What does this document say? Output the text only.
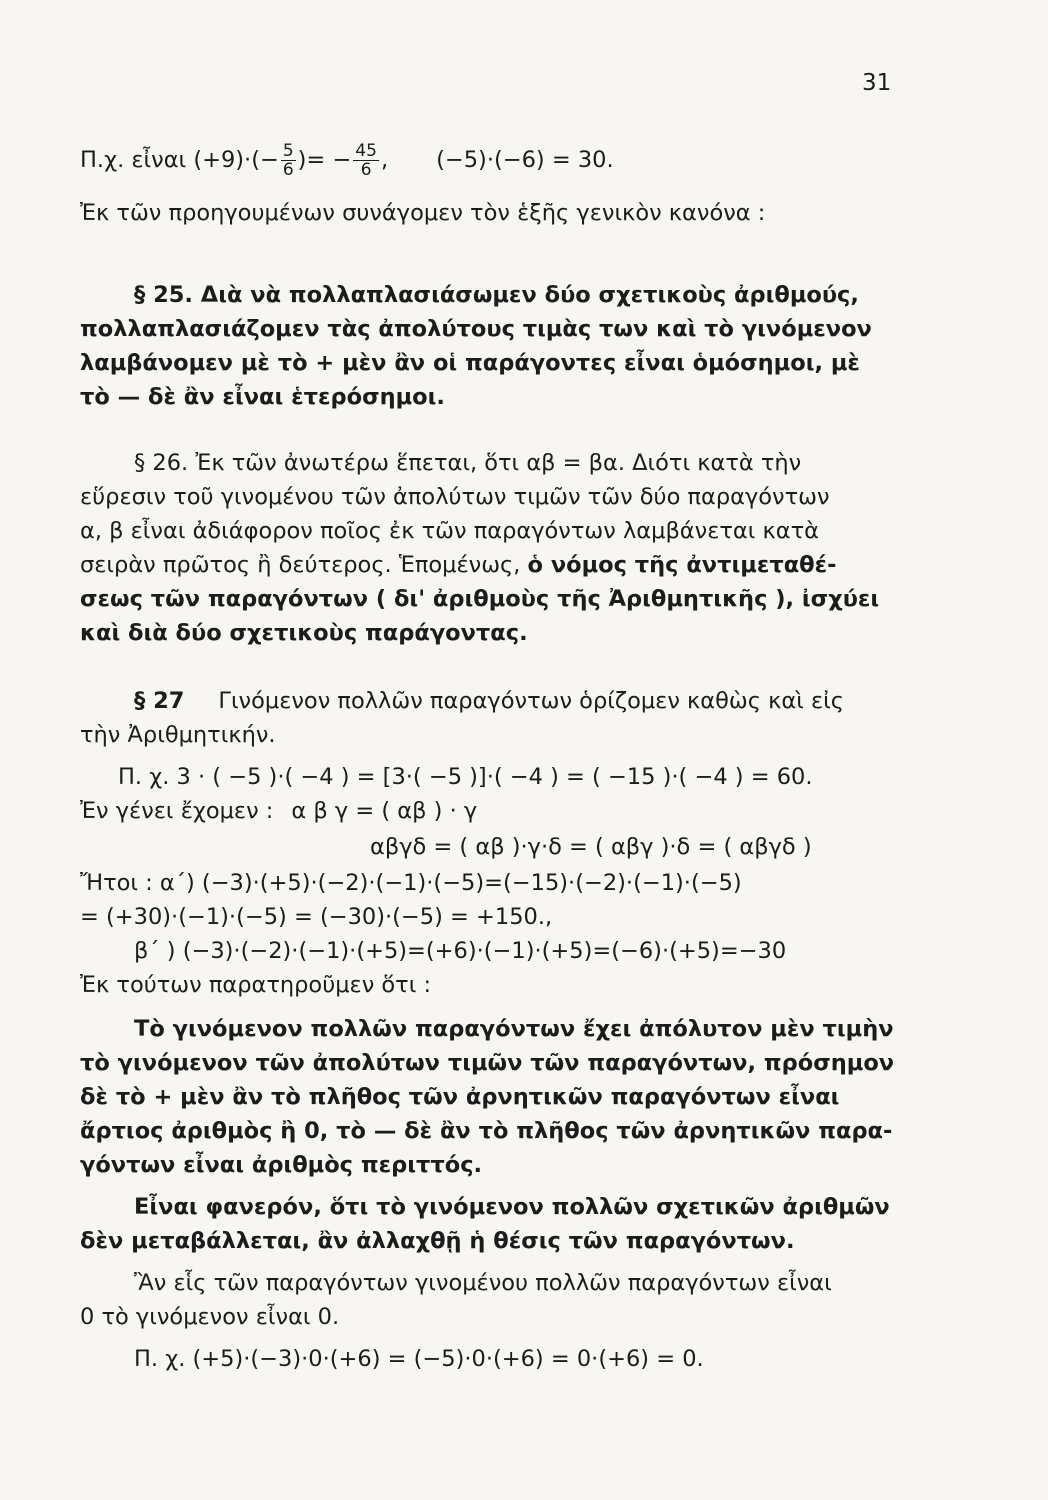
31
Π.χ. εἶναι $(+9)\cdot(- \frac{5}{6}$ )= − $\frac{45}{6}$ , (−5)·(−6) = 30.
Ἐκ τῶν προηγουμένων συνάγομεν τὸν ἑξῆς γενικὸν κανόνα :
§ 25. Διὰ νὰ πολλαπλασιάσωμεν δύο σχετικοὺς ἀριθμούς,
πολλαπλασιάζομεν τὰς ἀπολύτους τιμὰς των καὶ τὸ γινόμενον
λαμβάνομεν μὲ τὸ + μὲν ἂν οἱ παράγοντες εἶναι ὁμόσημοι, μὲ
τὸ — δὲ ἂν εἶναι ἑτερόσημοι.
§ 26. Ἐκ τῶν ἀνωτέρω ἕπεται, ὅτι αβ = βα. Διότι κατὰ τὴν
εὕρεσιν τοῦ γινομένου τῶν ἀπολύτων τιμῶν τῶν δύο παραγόντων
α, β εἶναι ἀδιάφορον ποῖος ἐκ τῶν παραγόντων λαμβάνεται κατὰ
σειρὰν πρῶτος ἢ δεύτερος. Ἑπομένως, ὁ νόμος τῆς ἀντιμεταθέ-
σεως τῶν παραγόντων ( δι' ἀριθμοὺς τῆς Ἀριθμητικῆς ), ἰσχύει
καὶ διὰ δύο σχετικοὺς παράγοντας.
§ 27 Γινόμενον πολλῶν παραγόντων ὁρίζομεν καθὼς καὶ εἰς
τὴν Ἀριθμητικήν.
Π. χ. 3 · ( −5 )·( −4 ) = [3·( −5 )]·( −4 ) = ( −15 )·( −4 ) = 60.
Ἐν γένει ἔχομεν : α β γ = ( αβ ) · γ
αβγδ = ( αβ )·γ·δ = ( αβγ )·δ = ( αβγδ )
Ἤτοι : α΄) (−3)·(+5)·(−2)·(−1)·(−5)=(−15)·(−2)·(−1)·(−5)
= (+30)·(−1)·(−5) = (−30)·(−5) = +150.,
β΄ ) (−3)·(−2)·(−1)·(+5)=(+6)·(−1)·(+5)=(−6)·(+5)=−30
Ἐκ τούτων παρατηροῦμεν ὅτι :
Τὸ γινόμενον πολλῶν παραγόντων ἔχει ἀπόλυτον μὲν τιμὴν
τὸ γινόμενον τῶν ἀπολύτων τιμῶν τῶν παραγόντων, πρόσημον
δὲ τὸ + μὲν ἂν τὸ πλῆθος τῶν ἀρνητικῶν παραγόντων εἶναι
ἄρτιος ἀριθμὸς ἢ 0, τὸ — δὲ ἂν τὸ πλῆθος τῶν ἀρνητικῶν παρα-
γόντων εἶναι ἀριθμὸς περιττός.
Εἶναι φανερόν, ὅτι τὸ γινόμενον πολλῶν σχετικῶν ἀριθμῶν
δὲν μεταβάλλεται, ἂν ἀλλαχθῇ ἡ θέσις τῶν παραγόντων.
Ἂν εἷς τῶν παραγόντων γινομένου πολλῶν παραγόντων εἶναι
0 τὸ γινόμενον εἶναι 0.
Π. χ. (+5)·(−3)·0·(+6) = (−5)·0·(+6) = 0·(+6) = 0.
